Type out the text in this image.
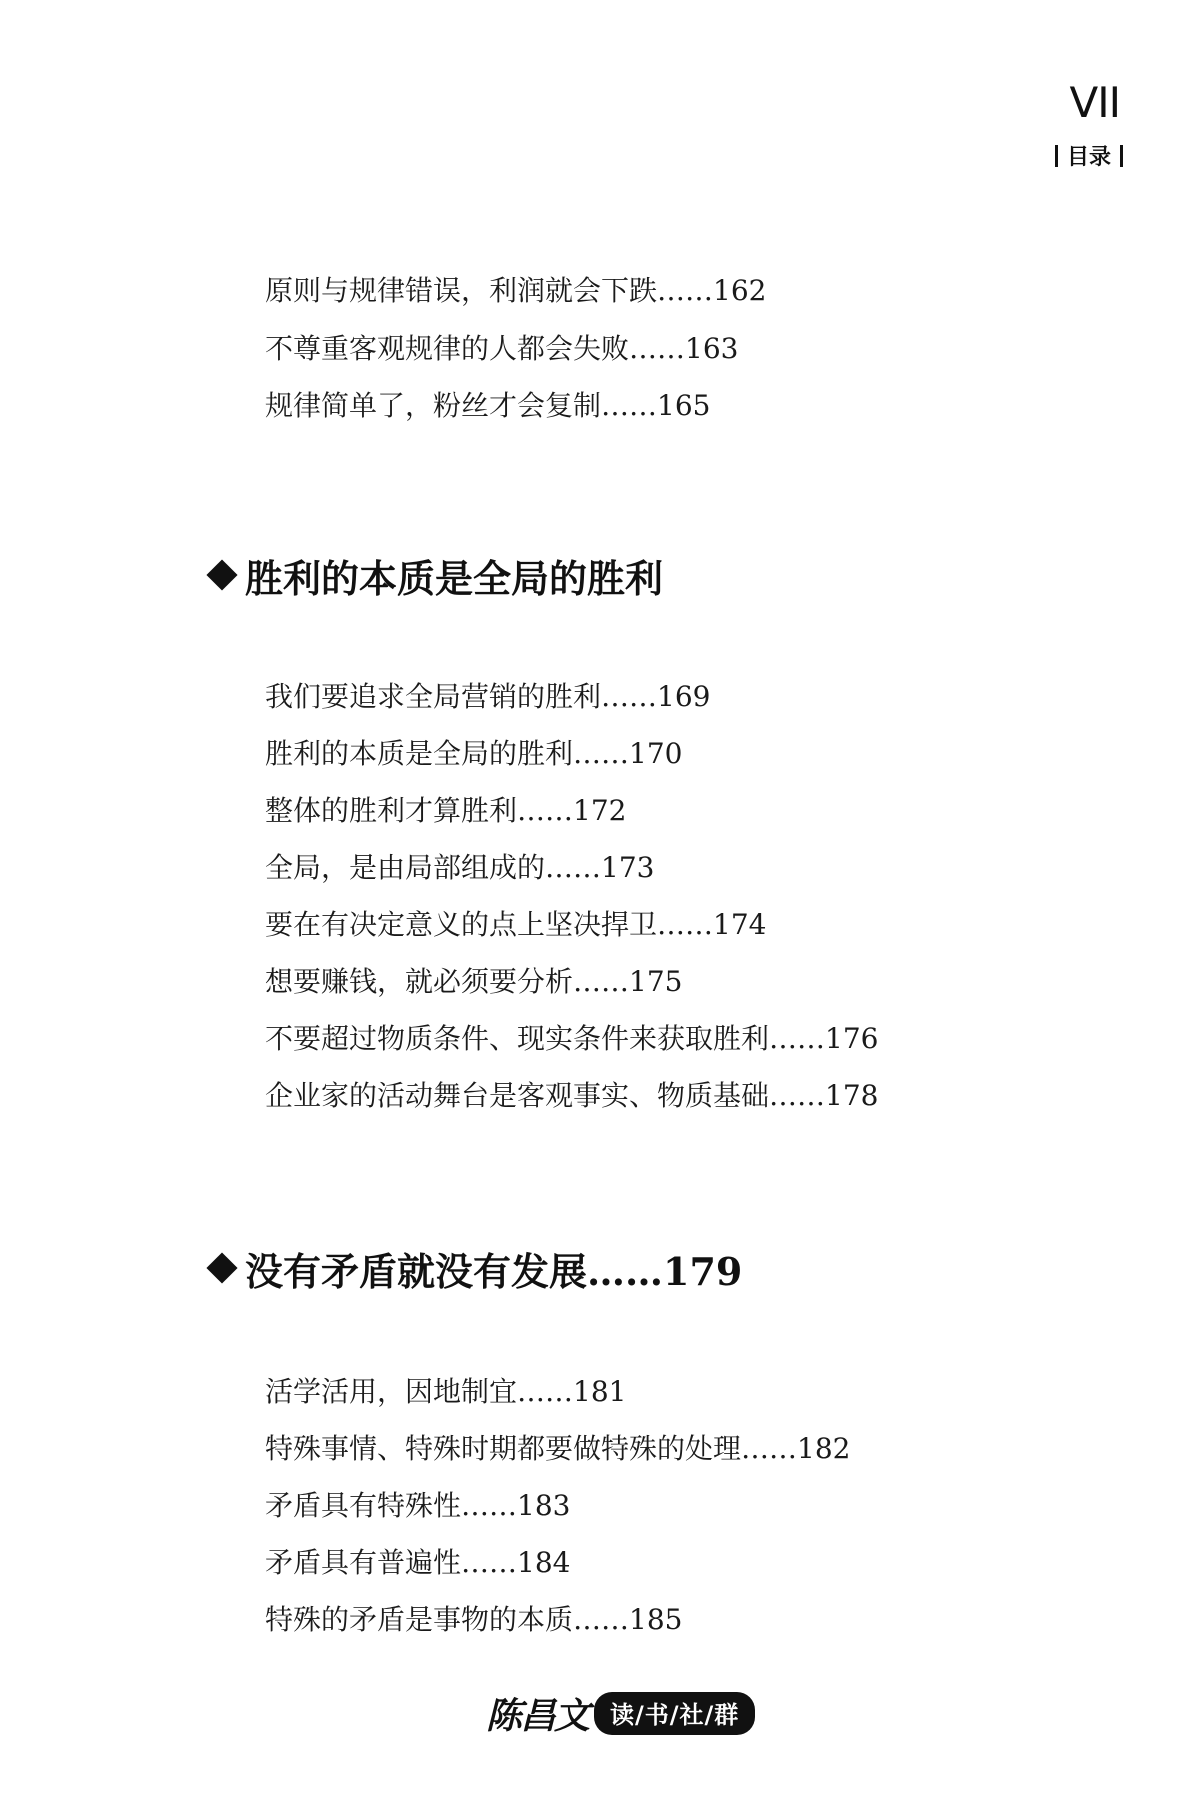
VII
目录
原则与规律错误，利润就会下跌……162
不尊重客观规律的人都会失败……163
规律简单了，粉丝才会复制……165
胜利的本质是全局的胜利
我们要追求全局营销的胜利……169
胜利的本质是全局的胜利……170
整体的胜利才算胜利……172
全局，是由局部组成的……173
要在有决定意义的点上坚决捍卫……174
想要赚钱，就必须要分析……175
不要超过物质条件、现实条件来获取胜利……176
企业家的活动舞台是客观事实、物质基础……178
没有矛盾就没有发展……179
活学活用，因地制宜……181
特殊事情、特殊时期都要做特殊的处理……182
矛盾具有特殊性……183
矛盾具有普遍性……184
特殊的矛盾是事物的本质……185
陈昌文 读/书/社/群
